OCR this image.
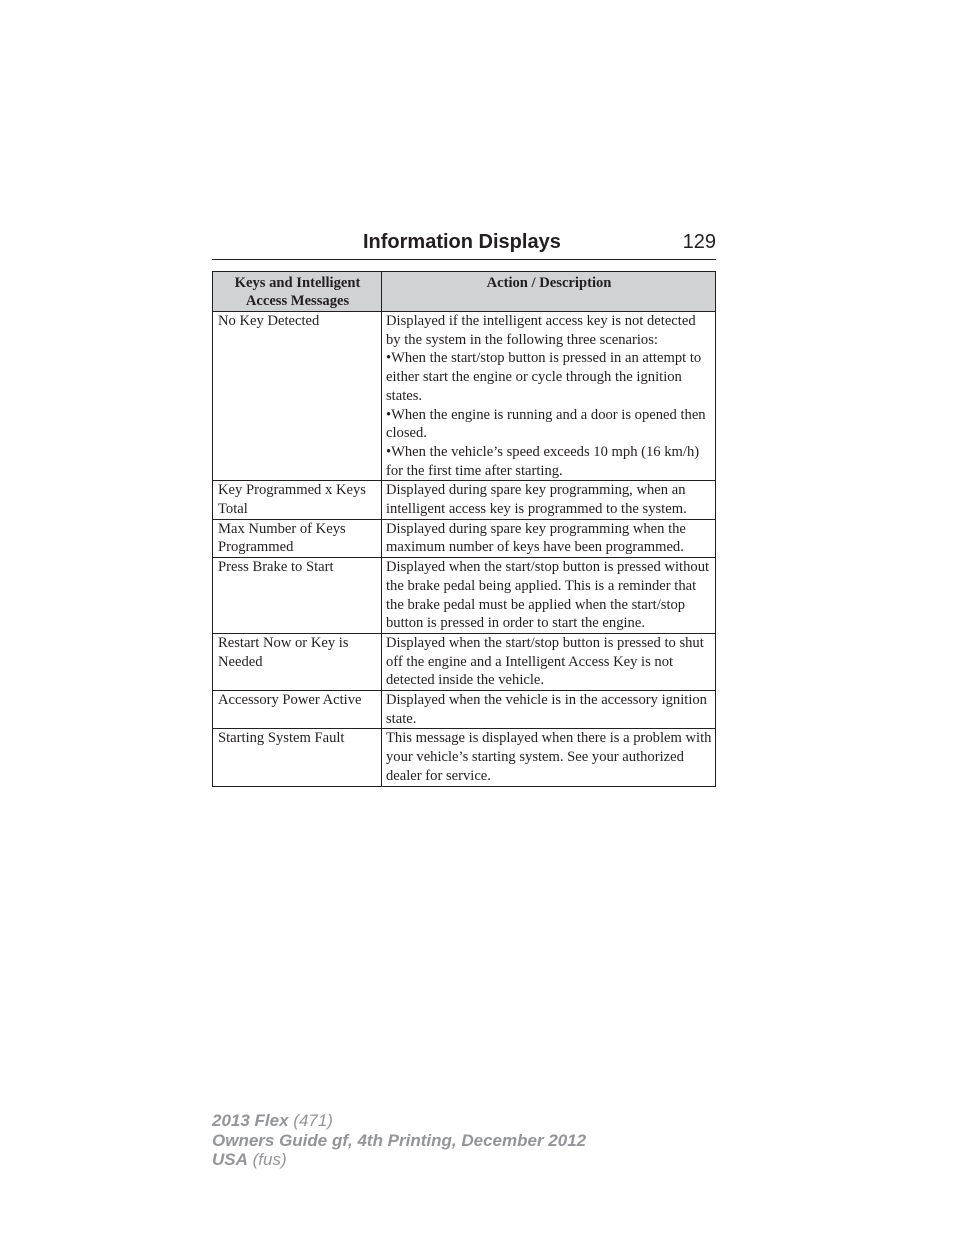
Information Displays	129
Keys and Intelligent Access Messages	Action / Description
No Key Detected	Displayed if the intelligent access key is not detected by the system in the following three scenarios:
•When the start/stop button is pressed in an attempt to either start the engine or cycle through the ignition states.
•When the engine is running and a door is opened then closed.
•When the vehicle’s speed exceeds 10 mph (16 km/h) for the first time after starting.

Key Programmed x Keys Total	Displayed during spare key programming, when an intelligent access key is programmed to the system.
Max Number of Keys Programmed	Displayed during spare key programming when the maximum number of keys have been programmed.
Press Brake to Start	Displayed when the start/stop button is pressed without the brake pedal being applied. This is a reminder that the brake pedal must be applied when the start/stop button is pressed in order to start the engine.
Restart Now or Key is Needed	Displayed when the start/stop button is pressed to shut off the engine and a Intelligent Access Key is not detected inside the vehicle.
Accessory Power Active	Displayed when the vehicle is in the accessory ignition state.
Starting System Fault	This message is displayed when there is a problem with your vehicle’s starting system. See your authorized dealer for service.
2013 Flex (471)
Owners Guide gf, 4th Printing, December 2012
USA (fus)
